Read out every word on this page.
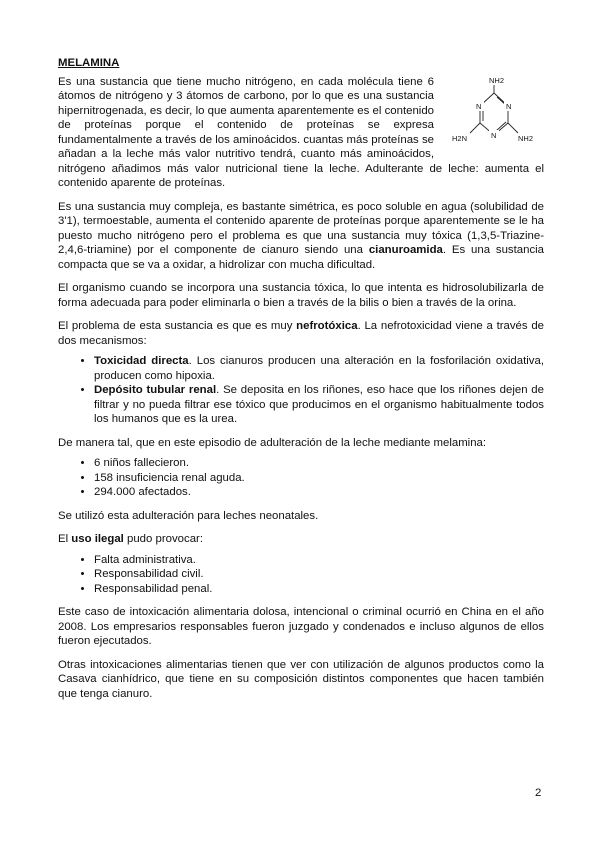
MELAMINA
NH2
N	N
N
H2N	NH2

Es una sustancia que tiene mucho nitrógeno, en cada molécula tiene 6 átomos de nitrógeno y 3 átomos de carbono, por lo que es una sustancia hipernitrogenada, es decir, lo que aumenta aparentemente es el contenido de proteínas porque el contenido de proteínas se expresa fundamentalmente a través de los aminoácidos. cuantas más proteínas se añadan a la leche más valor nutritivo tendrá, cuanto más aminoácidos, nitrógeno añadimos más valor nutricional tiene la leche. Adulterante de leche: aumenta el contenido aparente de proteínas.

Es una sustancia muy compleja, es bastante simétrica, es poco soluble en agua (solubilidad de 3'1), termoestable, aumenta el contenido aparente de proteínas porque aparentemente se le ha puesto mucho nitrógeno pero el problema es que una sustancia muy tóxica (1,3,5-Triazine-2,4,6-triamine) por el componente de cianuro siendo una cianuroamida. Es una sustancia compacta que se va a oxidar, a hidrolizar con mucha dificultad.

El organismo cuando se incorpora una sustancia tóxica, lo que intenta es hidrosolubilizarla de forma adecuada para poder eliminarla o bien a través de la bilis o bien a través de la orina.

El problema de esta sustancia es que es muy nefrotóxica. La nefrotoxicidad viene a través de dos mecanismos:

• Toxicidad directa. Los cianuros producen una alteración en la fosforilación oxidativa, producen como hipoxia.
• Depósito tubular renal. Se deposita en los riñones, eso hace que los riñones dejen de filtrar y no pueda filtrar ese tóxico que producimos en el organismo habitualmente todos los humanos que es la urea.

De manera tal, que en este episodio de adulteración de la leche mediante melamina:

• 6 niños fallecieron.
• 158 insuficiencia renal aguda.
• 294.000 afectados.

Se utilizó esta adulteración para leches neonatales.

El uso ilegal pudo provocar:

• Falta administrativa.
• Responsabilidad civil.
• Responsabilidad penal.

Este caso de intoxicación alimentaria dolosa, intencional o criminal ocurrió en China en el año 2008. Los empresarios responsables fueron juzgado y condenados e incluso algunos de ellos fueron ejecutados.

Otras intoxicaciones alimentarias tienen que ver con utilización de algunos productos como la Casava cianhídrico, que tiene en su composición distintos componentes que hacen también que tenga cianuro.

2
